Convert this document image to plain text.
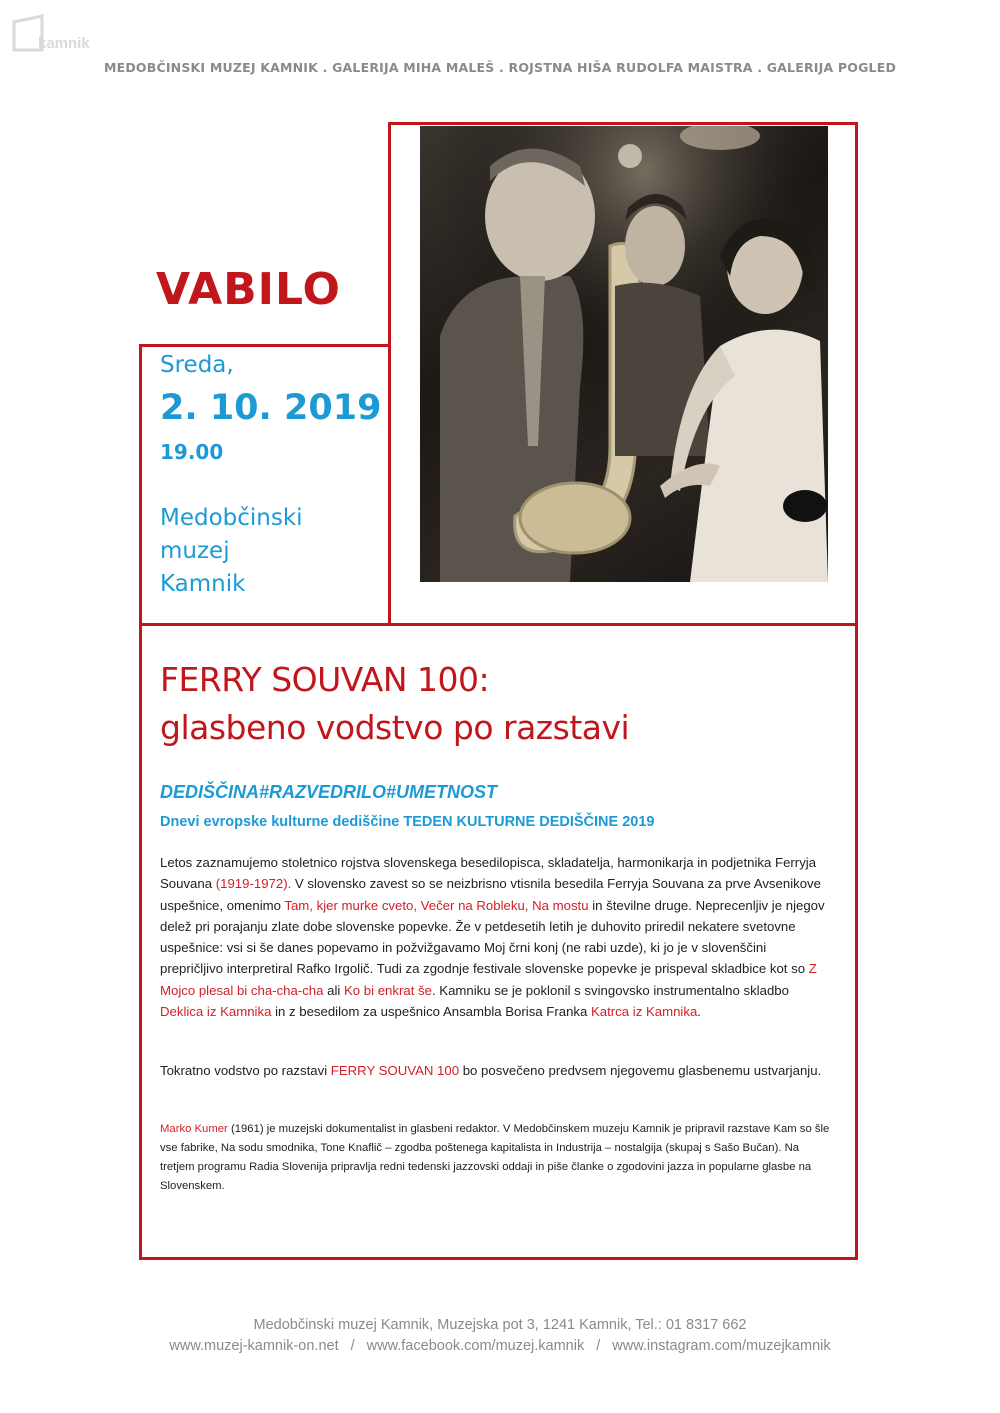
kamnik
MEDOBČINSKI MUZEJ KAMNIK . GALERIJA MIHA MALEŠ . ROJSTNA HIŠA RUDOLFA MAISTRA . GALERIJA POGLED
VABILO
Sreda,
2. 10. 2019
19.00
Medobčinski
muzej
Kamnik
FERRY SOUVAN 100:
glasbeno vodstvo po razstavi
DEDIŠČINA#RAZVEDRILO#UMETNOST
Dnevi evropske kulturne dediščine TEDEN KULTURNE DEDIŠČINE 2019
Letos zaznamujemo stoletnico rojstva slovenskega besedilopisca, skladatelja, harmonikarja in podjetnika Ferryja Souvana (1919-1972). V slovensko zavest so se neizbrisno vtisnila besedila Ferryja Souvana za prve Avsenikove uspešnice, omenimo Tam, kjer murke cveto, Večer na Robleku, Na mostu in številne druge. Neprecenljiv je njegov delež pri porajanju zlate dobe slovenske popevke. Že v petdesetih letih je duhovito priredil nekatere svetovne uspešnice: vsi si še danes popevamo in požvižgavamo Moj črni konj (ne rabi uzde), ki jo je v slovenščini prepričljivo interpretiral Rafko Irgolič. Tudi za zgodnje festivale slovenske popevke je prispeval skladbice kot so Z Mojco plesal bi cha-cha-cha ali Ko bi enkrat še. Kamniku se je poklonil s svingovsko instrumentalno skladbo Deklica iz Kamnika in z besedilom za uspešnico Ansambla Borisa Franka Katrca iz Kamnika.
Tokratno vodstvo po razstavi FERRY SOUVAN 100 bo posvečeno predvsem njegovemu glasbenemu ustvarjanju.
Marko Kumer (1961) je muzejski dokumentalist in glasbeni redaktor. V Medobčinskem muzeju Kamnik je pripravil razstave Kam so šle vse fabrike, Na sodu smodnika, Tone Knaflič – zgodba poštenega kapitalista in Industrija – nostalgija (skupaj s Sašo Bučan). Na tretjem programu Radia Slovenija pripravlja redni tedenski jazzovski oddaji in piše članke o zgodovini jazza in popularne glasbe na Slovenskem.
Medobčinski muzej Kamnik, Muzejska pot 3, 1241 Kamnik, Tel.: 01 8317 662
www.muzej-kamnik-on.net / www.facebook.com/muzej.kamnik / www.instagram.com/muzejkamnik
